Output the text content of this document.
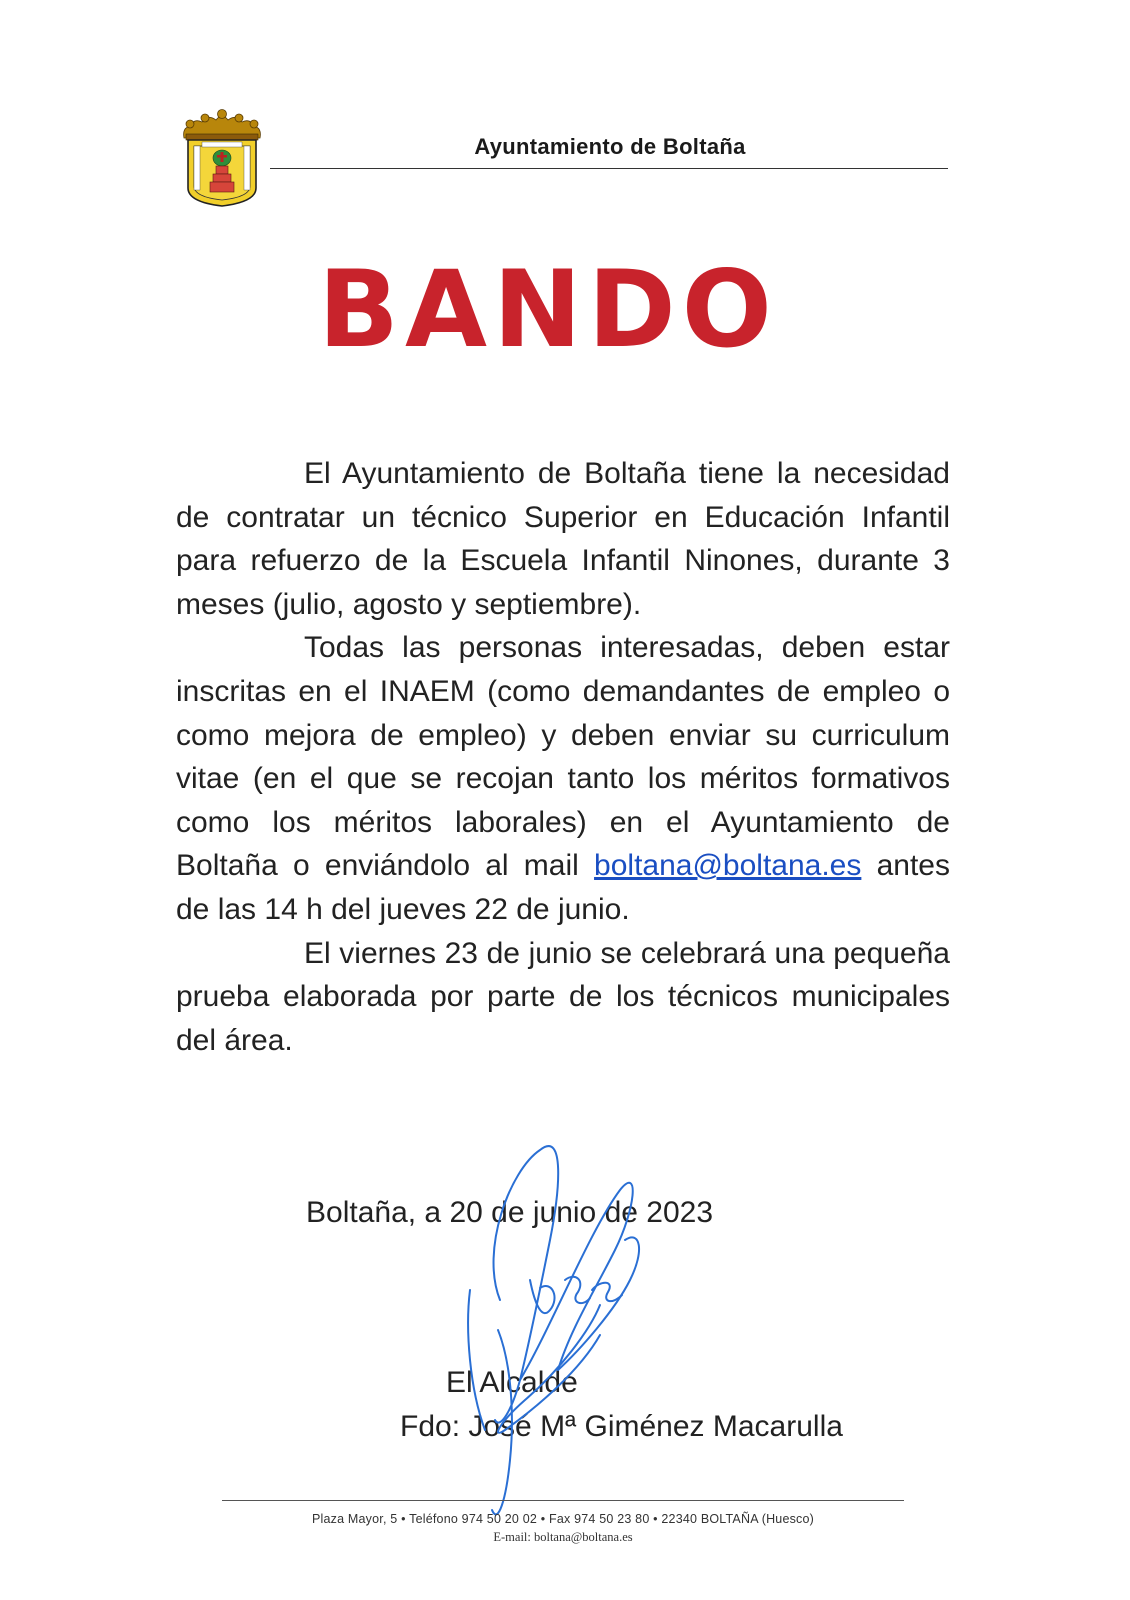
Ayuntamiento de Boltaña
BANDO

El Ayuntamiento de Boltaña tiene la necesidad de contratar un técnico Superior en Educación Infantil para refuerzo de la Escuela Infantil Ninones, durante 3 meses (julio, agosto y septiembre).

Todas las personas interesadas, deben estar inscritas en el INAEM (como demandantes de empleo o como mejora de empleo) y deben enviar su curriculum vitae (en el que se recojan tanto los méritos formativos como los méritos laborales) en el Ayuntamiento de Boltaña o enviándolo al mail boltana@boltana.es antes de las 14 h del jueves 22 de junio.

El viernes 23 de junio se celebrará una pequeña prueba elaborada por parte de los técnicos municipales del área.

Boltaña, a 20 de junio de 2023
El Alcalde
Fdo: José Mª Giménez Macarulla
Plaza Mayor, 5 • Teléfono 974 50 20 02 • Fax 974 50 23 80 • 22340 BOLTAÑA (Huesco)
E-mail: boltana@boltana.es
